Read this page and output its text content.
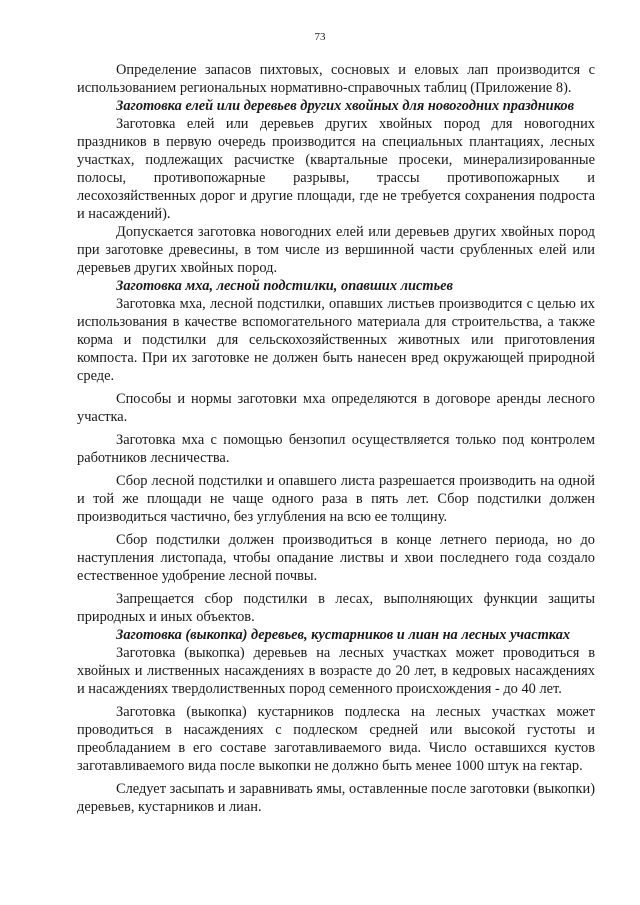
73

Определение запасов пихтовых, сосновых и еловых лап производится с использованием региональных нормативно-справочных таблиц (Приложение 8).

Заготовка елей или деревьев других хвойных для новогодних праздников

Заготовка елей или деревьев других хвойных пород для новогодних праздников в первую очередь производится на специальных плантациях, лесных участках, подлежащих расчистке (квартальные просеки, минерализированные полосы, противопожарные разрывы, трассы противопожарных и лесохозяйственных дорог и другие площади, где не требуется сохранения подроста и насаждений).

Допускается заготовка новогодних елей или деревьев других хвойных пород при заготовке древесины, в том числе из вершинной части срубленных елей или деревьев других хвойных пород.

Заготовка мха, лесной подстилки, опавших листьев

Заготовка мха, лесной подстилки, опавших листьев производится с целью их использования в качестве вспомогательного материала для строительства, а также корма и подстилки для сельскохозяйственных животных или приготовления компоста. При их заготовке не должен быть нанесен вред окружающей природной среде.

Способы и нормы заготовки мха определяются в договоре аренды лесного участка.

Заготовка мха с помощью бензопил осуществляется только под контролем работников лесничества.

Сбор лесной подстилки и опавшего листа разрешается производить на одной и той же площади не чаще одного раза в пять лет. Сбор подстилки должен производиться частично, без углубления на всю ее толщину.

Сбор подстилки должен производиться в конце летнего периода, но до наступления листопада, чтобы опадание листвы и хвои последнего года создало естественное удобрение лесной почвы.

Запрещается сбор подстилки в лесах, выполняющих функции защиты природных и иных объектов.

Заготовка (выкопка) деревьев, кустарников и лиан на лесных участках

Заготовка (выкопка) деревьев на лесных участках может проводиться в хвойных и лиственных насаждениях в возрасте до 20 лет, в кедровых насаждениях и насаждениях твердолиственных пород семенного происхождения - до 40 лет.

Заготовка (выкопка) кустарников подлеска на лесных участках может проводиться в насаждениях с подлеском средней или высокой густоты и преобладанием в его составе заготавливаемого вида. Число оставшихся кустов заготавливаемого вида после выкопки не должно быть менее 1000 штук на гектар.

Следует засыпать и заравнивать ямы, оставленные после заготовки (выкопки) деревьев, кустарников и лиан.
